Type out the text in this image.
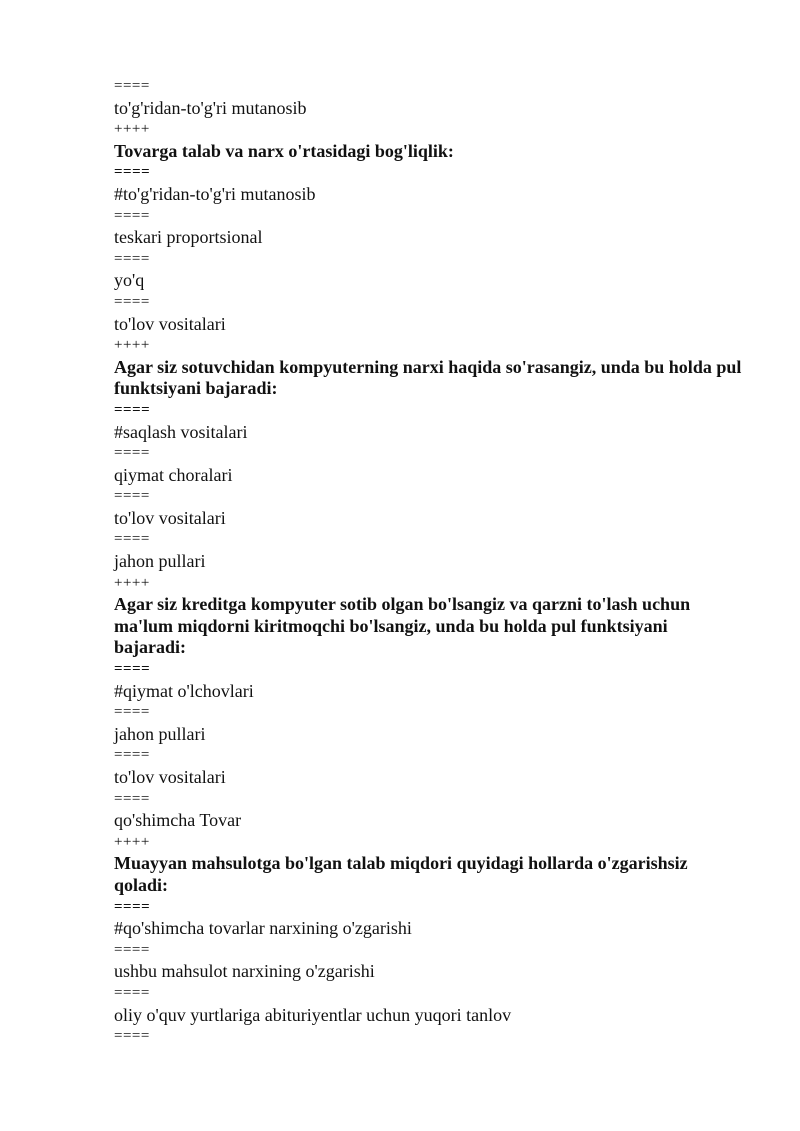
====
to'g'ridan-to'g'ri mutanosib
++++
Tovarga talab va narx o'rtasidagi bog'liqlik:
====
#to'g'ridan-to'g'ri mutanosib
====
teskari proportsional
====
yo'q
====
to'lov vositalari
++++
Agar siz sotuvchidan kompyuterning narxi haqida so'rasangiz, unda bu holda pul funktsiyani bajaradi:
====
#saqlash vositalari
====
qiymat choralari
====
to'lov vositalari
====
jahon pullari
++++
Agar siz kreditga kompyuter sotib olgan bo'lsangiz va qarzni to'lash uchun ma'lum miqdorni kiritmoqchi bo'lsangiz, unda bu holda pul funktsiyani bajaradi:
====
#qiymat o'lchovlari
====
jahon pullari
====
to'lov vositalari
====
qo'shimcha Tovar
++++
Muayyan mahsulotga bo'lgan talab miqdori quyidagi hollarda o'zgarishsiz qoladi:
====
#qo'shimcha tovarlar narxining o'zgarishi
====
ushbu mahsulot narxining o'zgarishi
====
oliy o'quv yurtlariga abituriyentlar uchun yuqori tanlov
====
